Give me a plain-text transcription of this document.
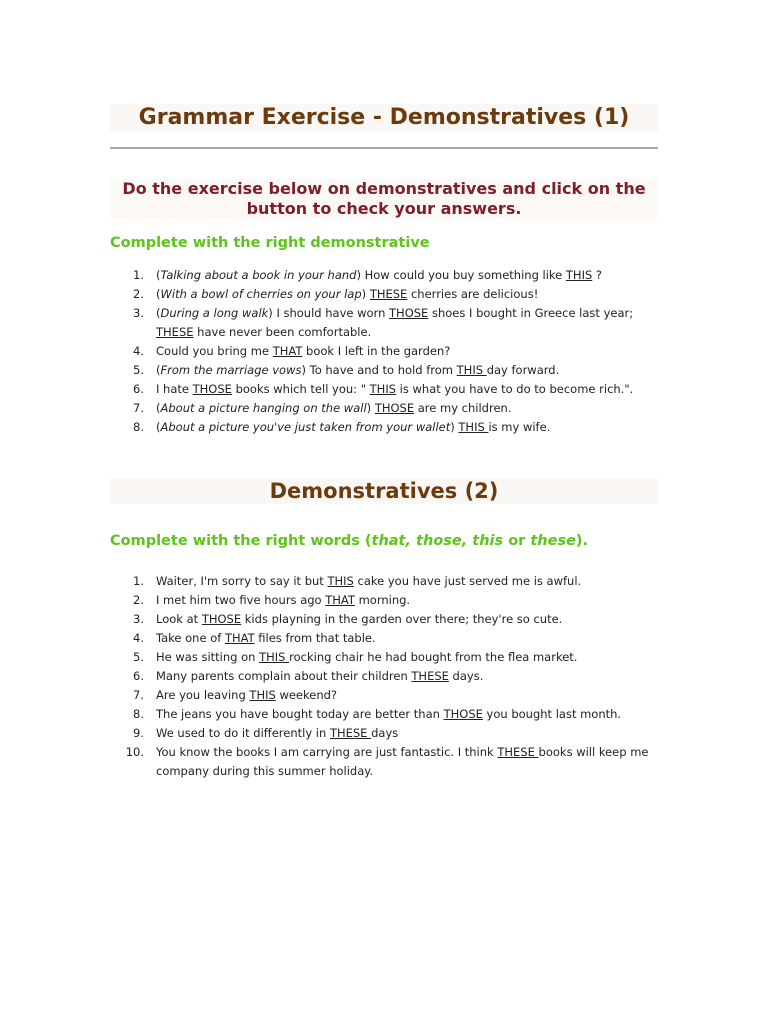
Grammar Exercise - Demonstratives (1)
Do the exercise below on demonstratives and click on the button to check your answers.
Complete with the right demonstrative
1. (Talking about a book in your hand) How could you buy something like THIS ?
2. (With a bowl of cherries on your lap) THESE cherries are delicious!
3. (During a long walk) I should have worn THOSE shoes I bought in Greece last year; THESE have never been comfortable.
4. Could you bring me THAT book I left in the garden?
5. (From the marriage vows) To have and to hold from THIS day forward.
6. I hate THOSE books which tell you: " THIS is what you have to do to become rich.".
7. (About a picture hanging on the wall) THOSE are my children.
8. (About a picture you've just taken from your wallet) THIS is my wife.
Demonstratives (2)
Complete with the right words (that, those, this or these).
1. Waiter, I'm sorry to say it but THIS cake you have just served me is awful.
2. I met him two five hours ago THAT morning.
3. Look at THOSE kids playning in the garden over there; they're so cute.
4. Take one of THAT files from that table.
5. He was sitting on THIS rocking chair he had bought from the flea market.
6. Many parents complain about their children THESE days.
7. Are you leaving THIS weekend?
8. The jeans you have bought today are better than THOSE you bought last month.
9. We used to do it differently in THESE days
10. You know the books I am carrying are just fantastic. I think THESE books will keep me company during this summer holiday.
